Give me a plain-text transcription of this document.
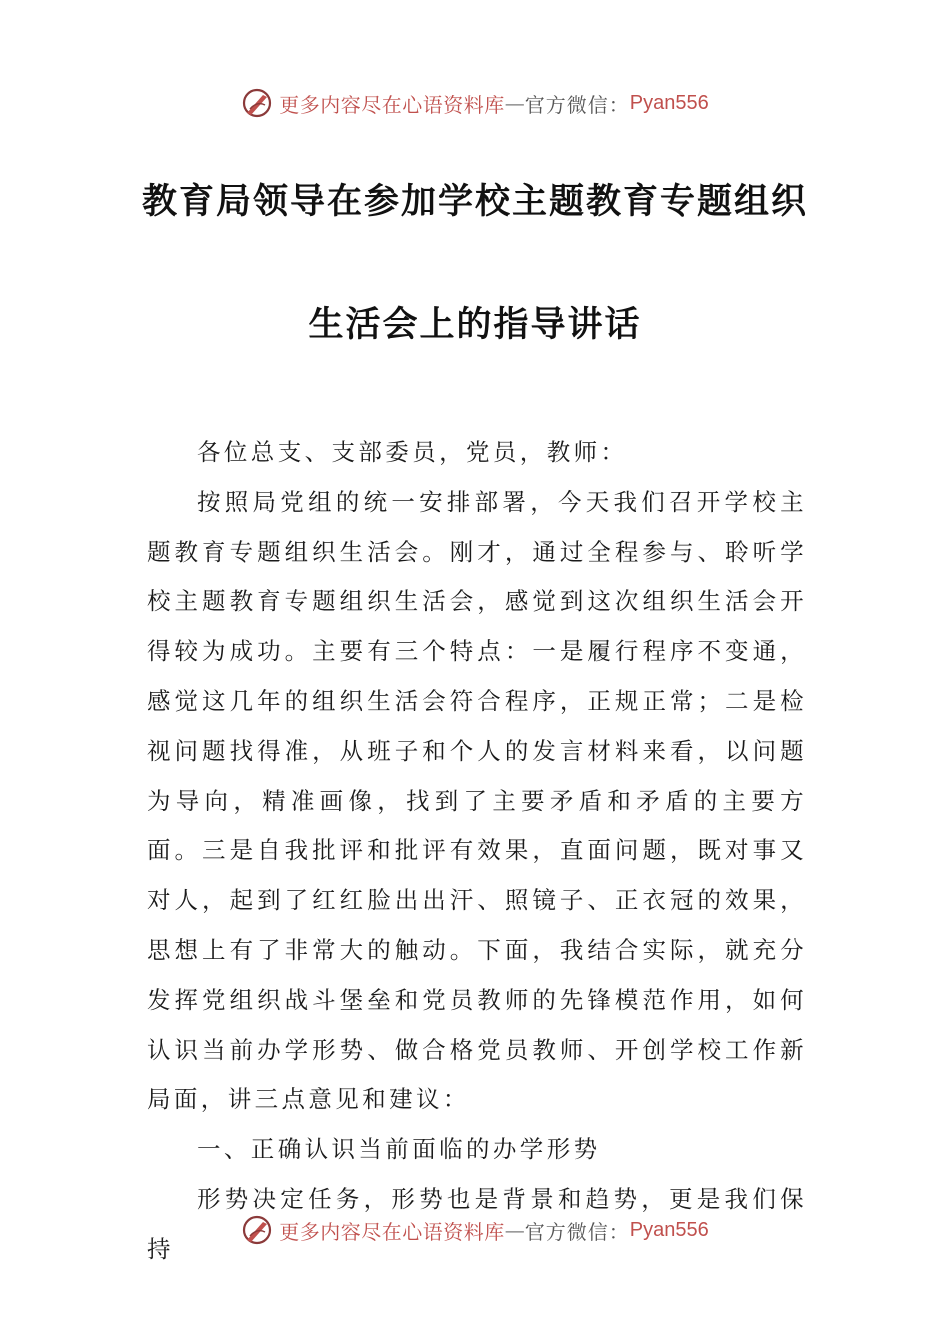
更多内容尽在心语资料库 — 官方微信： Pyan556
教育局领导在参加学校主题教育专题组织
生活会上的指导讲话

各位总支、支部委员，党员，教师：

按照局党组的统一安排部署，今天我们召开学校主题教育专题组织生活会。刚才，通过全程参与、聆听学校主题教育专题组织生活会，感觉到这次组织生活会开得较为成功。主要有三个特点：一是履行程序不变通，感觉这几年的组织生活会符合程序，正规正常；二是检视问题找得准，从班子和个人的发言材料来看，以问题为导向，精准画像，找到了主要矛盾和矛盾的主要方面。三是自我批评和批评有效果，直面问题，既对事又对人，起到了红红脸出出汗、照镜子、正衣冠的效果，思想上有了非常大的触动。下面，我结合实际，就充分发挥党组织战斗堡垒和党员教师的先锋模范作用，如何认识当前办学形势、做合格党员教师、开创学校工作新局面，讲三点意见和建议：

一、正确认识当前面临的办学形势

形势决定任务，形势也是背景和趋势，更是我们保持

更多内容尽在心语资料库 — 官方微信： Pyan556
